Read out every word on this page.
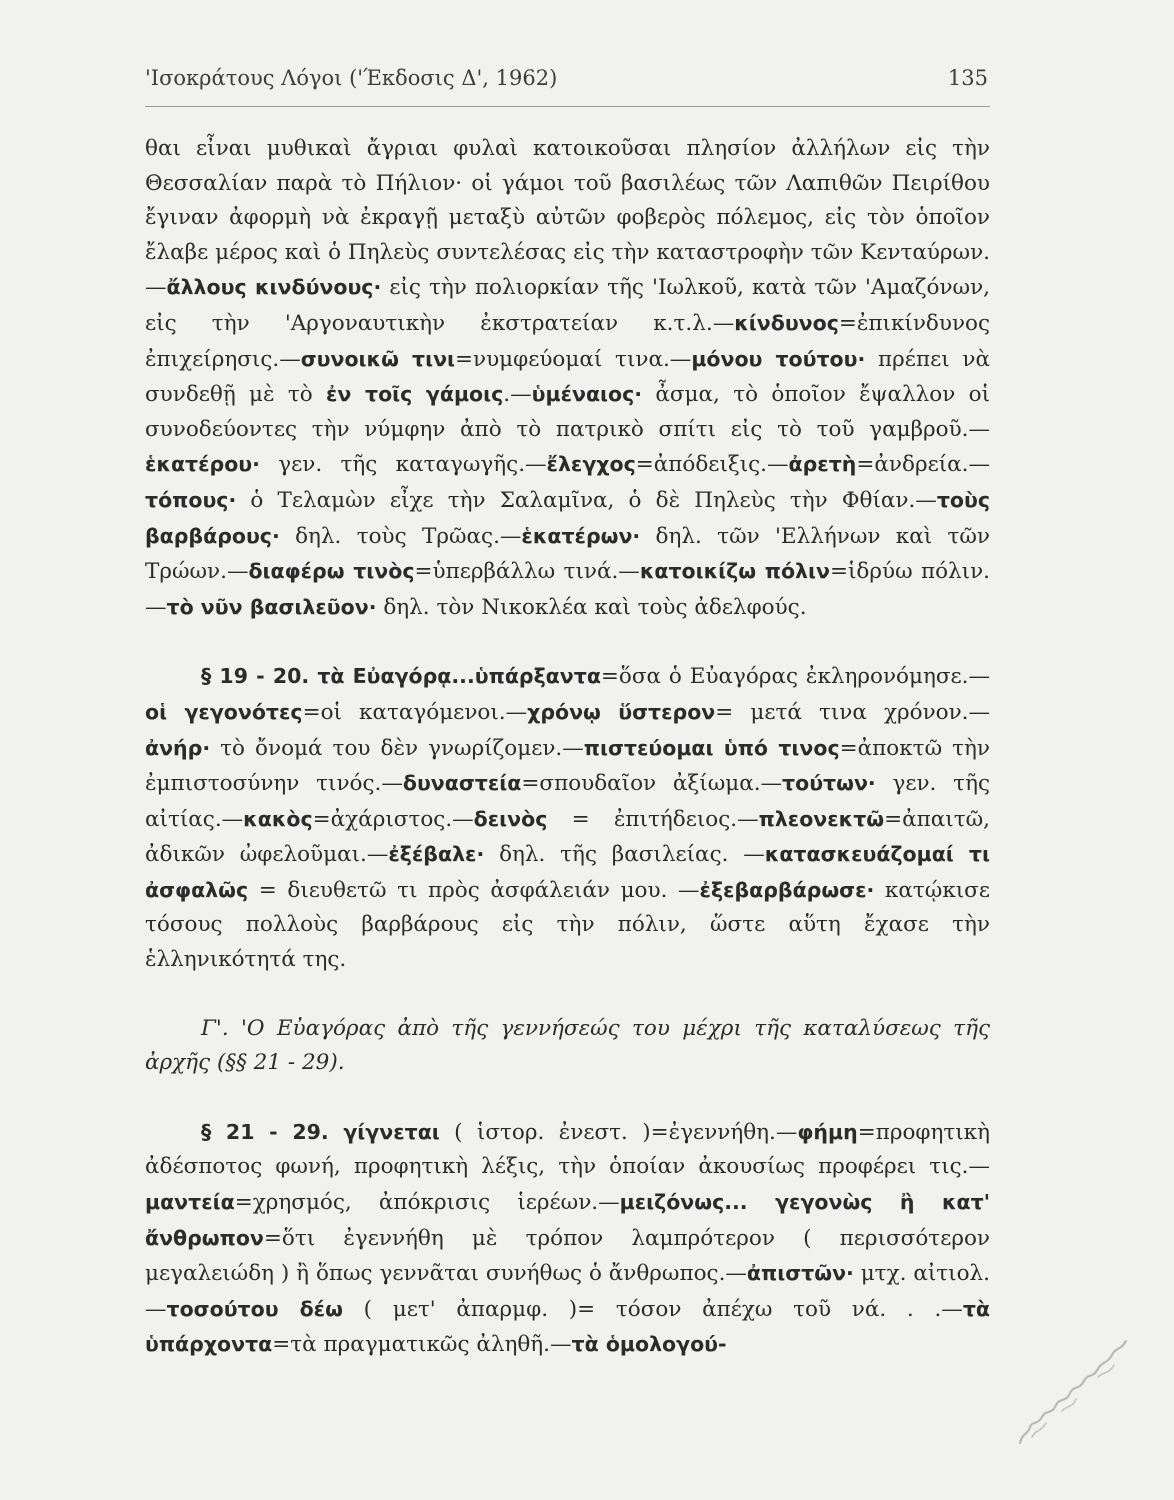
'Ισοκράτους Λόγοι ('Έκδοσις Δ', 1962)	135

θαι εἶναι μυθικαὶ ἄγριαι φυλαὶ κατοικοῦσαι πλησίον ἀλλήλων εἰς τὴν Θεσσαλίαν παρὰ τὸ Πήλιον· οἱ γάμοι τοῦ βασιλέως τῶν Λαπιθῶν Πειρίθου ἔγιναν ἀφορμὴ νὰ ἐκραγῇ μεταξὺ αὐτῶν φοβερὸς πόλεμος, εἰς τὸν ὁποῖον ἔλαβε μέρος καὶ ὁ Πηλεὺς συντελέσας εἰς τὴν καταστροφὴν τῶν Κενταύρων.—ἄλλους κινδύνους· εἰς τὴν πολιορκίαν τῆς 'Ιωλκοῦ, κατὰ τῶν 'Αμαζόνων, εἰς τὴν 'Αργοναυτικὴν ἐκστρατείαν κ.τ.λ.—κίνδυνος=ἐπικίνδυνος ἐπιχείρησις.—συνοικῶ τινι=νυμφεύομαί τινα.—μόνου τούτου· πρέπει νὰ συνδεθῇ μὲ τὸ ἐν τοῖς γάμοις.—ὑμέναιος· ἆσμα, τὸ ὁποῖον ἔψαλλον οἱ συνοδεύοντες τὴν νύμφην ἀπὸ τὸ πατρικὸ σπίτι εἰς τὸ τοῦ γαμβροῦ.—ἑκατέρου· γεν. τῆς καταγωγῆς.—ἔλεγχος=ἀπόδειξις.—ἀρετὴ=ἀνδρεία.—τόπους· ὁ Τελαμὼν εἶχε τὴν Σαλαμῖνα, ὁ δὲ Πηλεὺς τὴν Φθίαν.—τοὺς βαρβάρους· δηλ. τοὺς Τρῶας.—ἑκατέρων· δηλ. τῶν 'Ελλήνων καὶ τῶν Τρώων.—διαφέρω τινὸς=ὑπερβάλλω τινά.—κατοικίζω πόλιν=ἱδρύω πόλιν.—τὸ νῦν βασιλεῦον· δηλ. τὸν Νικοκλέα καὶ τοὺς ἀδελφούς.

§ 19 - 20. τὰ Εὐαγόρᾳ...ὑπάρξαντα=ὅσα ὁ Εὐαγόρας ἐκληρονόμησε.—οἱ γεγονότες=οἱ καταγόμενοι.—χρόνῳ ὕστερον= μετά τινα χρόνον.—ἀνήρ· τὸ ὄνομά του δὲν γνωρίζομεν.—πιστεύομαι ὑπό τινος=ἀποκτῶ τὴν ἐμπιστοσύνην τινός.—δυναστεία=σπουδαῖον ἀξίωμα.—τούτων· γεν. τῆς αἰτίας.—κακὸς=ἀχάριστος.—δεινὸς = ἐπιτήδειος.—πλεονεκτῶ=ἀπαιτῶ, ἀδικῶν ὠφελοῦμαι.—ἐξέβαλε· δηλ. τῆς βασιλείας. —κατασκευάζομαί τι ἀσφαλῶς = διευθετῶ τι πρὸς ἀσφάλειάν μου. —ἐξεβαρβάρωσε· κατῴκισε τόσους πολλοὺς βαρβάρους εἰς τὴν πόλιν, ὥστε αὕτη ἔχασε τὴν ἑλληνικότητά της.

Γ'. 'Ο Εὐαγόρας ἀπὸ τῆς γεννήσεώς του μέχρι τῆς καταλύσεως τῆς ἀρχῆς (§§ 21 - 29).

§ 21 - 29. γίγνεται ( ἱστορ. ἐνεστ. )=ἐγεννήθη.—φήμη=προφητικὴ ἀδέσποτος φωνή, προφητικὴ λέξις, τὴν ὁποίαν ἀκουσίως προφέρει τις.—μαντεία=χρησμός, ἀπόκρισις ἱερέων.—μειζόνως... γεγονὼς ἢ κατ' ἄνθρωπον=ὅτι ἐγεννήθη μὲ τρόπον λαμπρότερον ( περισσότερον μεγαλειώδη ) ἢ ὅπως γεννᾶται συνήθως ὁ ἄνθρωπος.—ἀπιστῶν· μτχ. αἰτιολ.—τοσούτου δέω ( μετ' ἀπαρμφ. )= τόσον ἀπέχω τοῦ νά. . .—τὰ ὑπάρχοντα=τὰ πραγματικῶς ἀληθῆ.—τὰ ὁμολογού-
